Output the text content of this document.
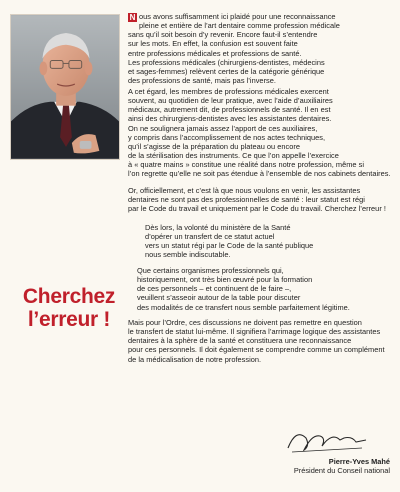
N ous avons suffisamment ici plaidé pour une reconnaissance
pleine et entière de l’art dentaire comme profession médicale
sans qu’il soit besoin d’y revenir. Encore faut-il s’entendre
sur les mots. En effet, la confusion est souvent faite
entre professions médicales et professions de santé.
Les professions médicales (chirurgiens-dentistes, médecins
et sages-femmes) relèvent certes de la catégorie générique
des professions de santé, mais pas l’inverse.
A cet égard, les membres de professions médicales exercent
souvent, au quotidien de leur pratique, avec l’aide d’auxiliaires
médicaux, autrement dit, de professionnels de santé. Il en est
ainsi des chirurgiens-dentistes avec les assistantes dentaires.
On ne soulignera jamais assez l’apport de ces auxiliaires,
y compris dans l’accomplissement de nos actes techniques,
qu’il s’agisse de la préparation du plateau ou encore
de la stérilisation des instruments. Ce que l’on appelle l’exercice
à « quatre mains » constitue une réalité dans notre profession, même si
l’on regrette qu’elle ne soit pas étendue à l’ensemble de nos cabinets dentaires.
Or, officiellement, et c’est là que nous voulons en venir, les assistantes
dentaires ne sont pas des professionnelles de santé : leur statut est régi
par le Code du travail et uniquement par le Code du travail. Cherchez l’erreur !
Dès lors, la volonté du ministère de la Santé
d’opérer un transfert de ce statut actuel
vers un statut régi par le Code de la santé publique
nous semble indiscutable.
Que certains organismes professionnels qui,
historiquement, ont très bien œuvré pour la formation
de ces personnels – et continuent de le faire –,
veuillent s’asseoir autour de la table pour discuter
des modalités de ce transfert nous semble parfaitement légitime.
Mais pour l’Ordre, ces discussions ne doivent pas remettre en question
le transfert de statut lui-même. Il signifiera l’arrimage logique des assistantes
dentaires à la sphère de la santé et constituera une reconnaissance
pour ces personnels. Il doit également se comprendre comme un complément
de la médicalisation de notre profession.
Cherchez
l’erreur !
Pierre-Yves Mahé
Président du Conseil national
